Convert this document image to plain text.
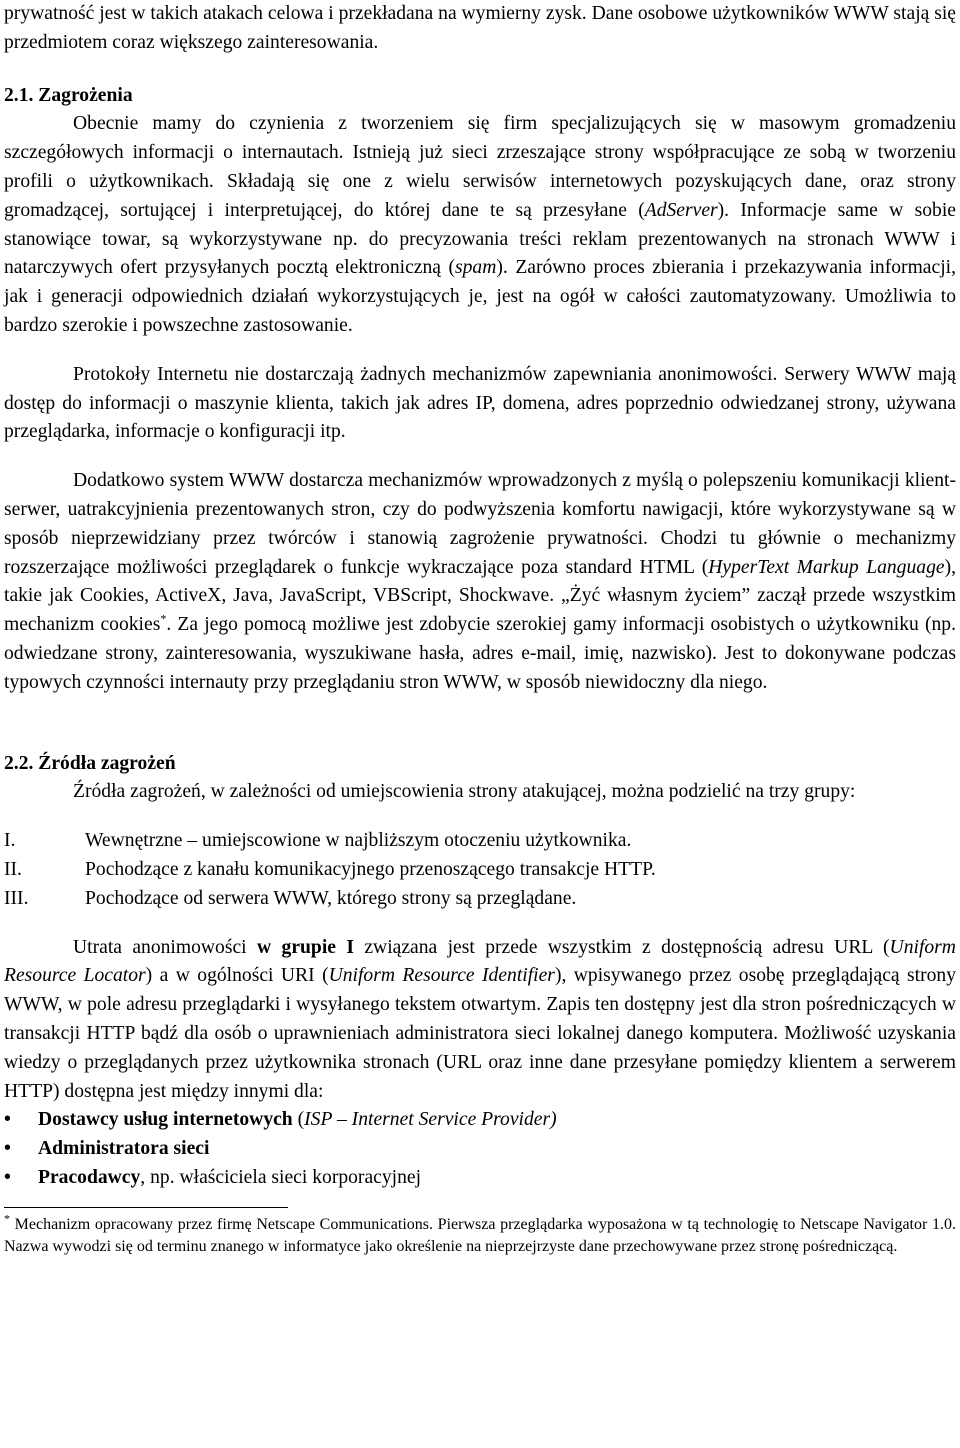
prywatność jest w takich atakach celowa i przekładana na wymierny zysk. Dane osobowe użytkowników WWW stają się przedmiotem coraz większego zainteresowania.

2.1. Zagrożenia

Obecnie mamy do czynienia z tworzeniem się firm specjalizujących się w masowym gromadzeniu szczegółowych informacji o internautach. Istnieją już sieci zrzeszające strony współpracujące ze sobą w tworzeniu profili o użytkownikach. Składają się one z wielu serwisów internetowych pozyskujących dane, oraz strony gromadzącej, sortującej i interpretującej, do której dane te są przesyłane (AdServer). Informacje same w sobie stanowiące towar, są wykorzystywane np. do precyzowania treści reklam prezentowanych na stronach WWW i natarczywych ofert przysyłanych pocztą elektroniczną (spam). Zarówno proces zbierania i przekazywania informacji, jak i generacji odpowiednich działań wykorzystujących je, jest na ogół w całości zautomatyzowany. Umożliwia to bardzo szerokie i powszechne zastosowanie.

Protokoły Internetu nie dostarczają żadnych mechanizmów zapewniania anonimowości. Serwery WWW mają dostęp do informacji o maszynie klienta, takich jak adres IP, domena, adres poprzednio odwiedzanej strony, używana przeglądarka, informacje o konfiguracji itp.

Dodatkowo system WWW dostarcza mechanizmów wprowadzonych z myślą o polepszeniu komunikacji klient-serwer, uatrakcyjnienia prezentowanych stron, czy do podwyższenia komfortu nawigacji, które wykorzystywane są w sposób nieprzewidziany przez twórców i stanowią zagrożenie prywatności. Chodzi tu głównie o mechanizmy rozszerzające możliwości przeglądarek o funkcje wykraczające poza standard HTML (HyperText Markup Language), takie jak Cookies, ActiveX, Java, JavaScript, VBScript, Shockwave. „Żyć własnym życiem” zaczął przede wszystkim mechanizm cookies*. Za jego pomocą możliwe jest zdobycie szerokiej gamy informacji osobistych o użytkowniku (np. odwiedzane strony, zainteresowania, wyszukiwane hasła, adres e-mail, imię, nazwisko). Jest to dokonywane podczas typowych czynności internauty przy przeglądaniu stron WWW, w sposób niewidoczny dla niego.

2.2. Źródła zagrożeń

Źródła zagrożeń, w zależności od umiejscowienia strony atakującej, można podzielić na trzy grupy:

I.	Wewnętrzne – umiejscowione w najbliższym otoczeniu użytkownika.
II.	Pochodzące z kanału komunikacyjnego przenoszącego transakcje HTTP.
III.	Pochodzące od serwera WWW, którego strony są przeglądane.

Utrata anonimowości w grupie I związana jest przede wszystkim z dostępnością adresu URL (Uniform Resource Locator) a w ogólności URI (Uniform Resource Identifier), wpisywanego przez osobę przeglądającą strony WWW, w pole adresu przeglądarki i wysyłanego tekstem otwartym. Zapis ten dostępny jest dla stron pośredniczących w transakcji HTTP bądź dla osób o uprawnieniach administratora sieci lokalnej danego komputera. Możliwość uzyskania wiedzy o przeglądanych przez użytkownika stronach (URL oraz inne dane przesyłane pomiędzy klientem a serwerem HTTP) dostępna jest między innymi dla:

•	Dostawcy usług internetowych (ISP – Internet Service Provider)
•	Administratora sieci
•	Pracodawcy, np. właściciela sieci korporacyjnej

* Mechanizm opracowany przez firmę Netscape Communications. Pierwsza przeglądarka wyposażona w tą technologię to Netscape Navigator 1.0. Nazwa wywodzi się od terminu znanego w informatyce jako określenie na nieprzejrzyste dane przechowywane przez stronę pośredniczącą.
